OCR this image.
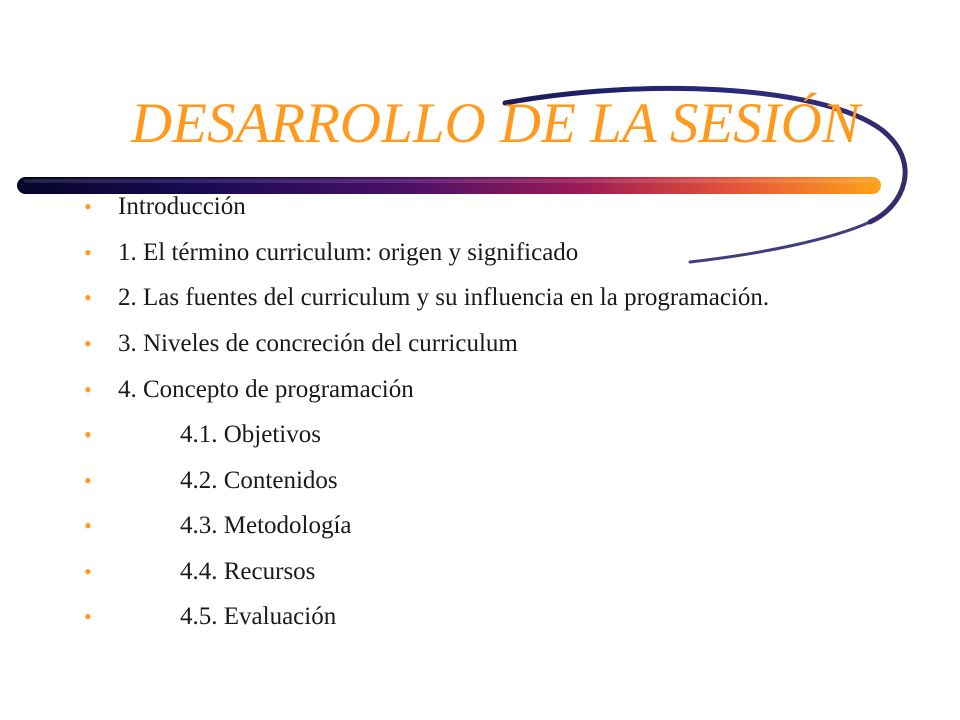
DESARROLLO DE LA SESIÓN
• Introducción
• 1. El término curriculum: origen y significado
• 2. Las fuentes del curriculum y su influencia en la programación.
• 3. Niveles de concreción del curriculum
• 4. Concepto de programación
•	4.1. Objetivos
•	4.2. Contenidos
•	4.3. Metodología
•	4.4. Recursos
•	4.5. Evaluación
